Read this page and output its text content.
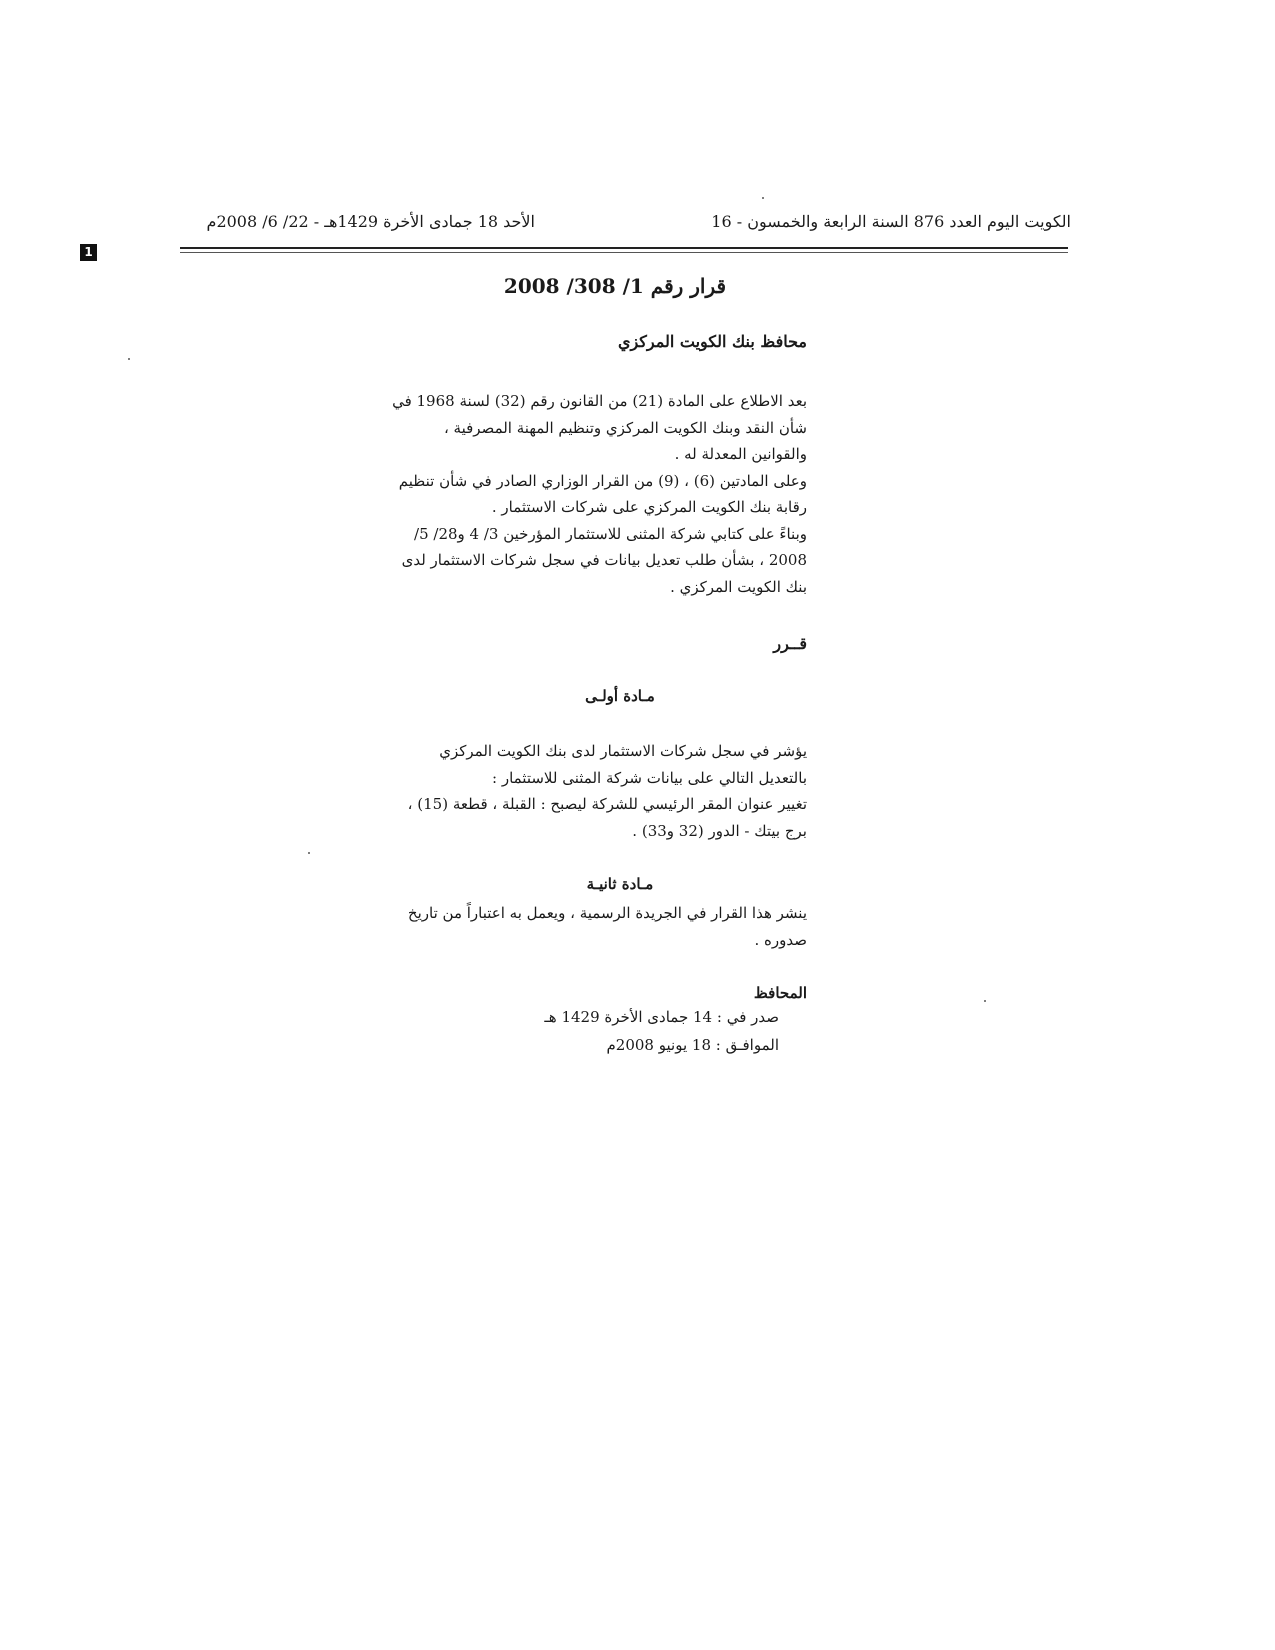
الكويت اليوم العدد 876 السنة الرابعة والخمسون - 16
الأحد 18 جمادى الأخرة 1429هـ - 22/ 6/ 2008م
1
قرار رقم 1/ 308/ 2008
محافظ بنك الكويت المركزي

بعد الاطلاع على المادة (21) من القانون رقم (32) لسنة 1968 في شأن النقد وبنك الكويت المركزي وتنظيم المهنة المصرفية ، والقوانين المعدلة له .

وعلى المادتين (6) ، (9) من القرار الوزاري الصادر في شأن تنظيم رقابة بنك الكويت المركزي على شركات الاستثمار .

وبناءً على كتابي شركة المثنى للاستثمار المؤرخين 3/ 4 و28/ 5/ 2008 ، بشأن طلب تعديل بيانات في سجل شركات الاستثمار لدى بنك الكويت المركزي .

قــرر
مـادة أولـى

يؤشر في سجل شركات الاستثمار لدى بنك الكويت المركزي بالتعديل التالي على بيانات شركة المثنى للاستثمار :

تغيير عنوان المقر الرئيسي للشركة ليصبح : القبلة ، قطعة (15) ، برج بيتك - الدور (32 و33) .

مـادة ثانيـة

ينشر هذا القرار في الجريدة الرسمية ، ويعمل به اعتباراً من تاريخ صدوره .

المحافظ
صدر في : 14 جمادى الأخرة 1429 هـ
الموافـق : 18 يونيو 2008م
